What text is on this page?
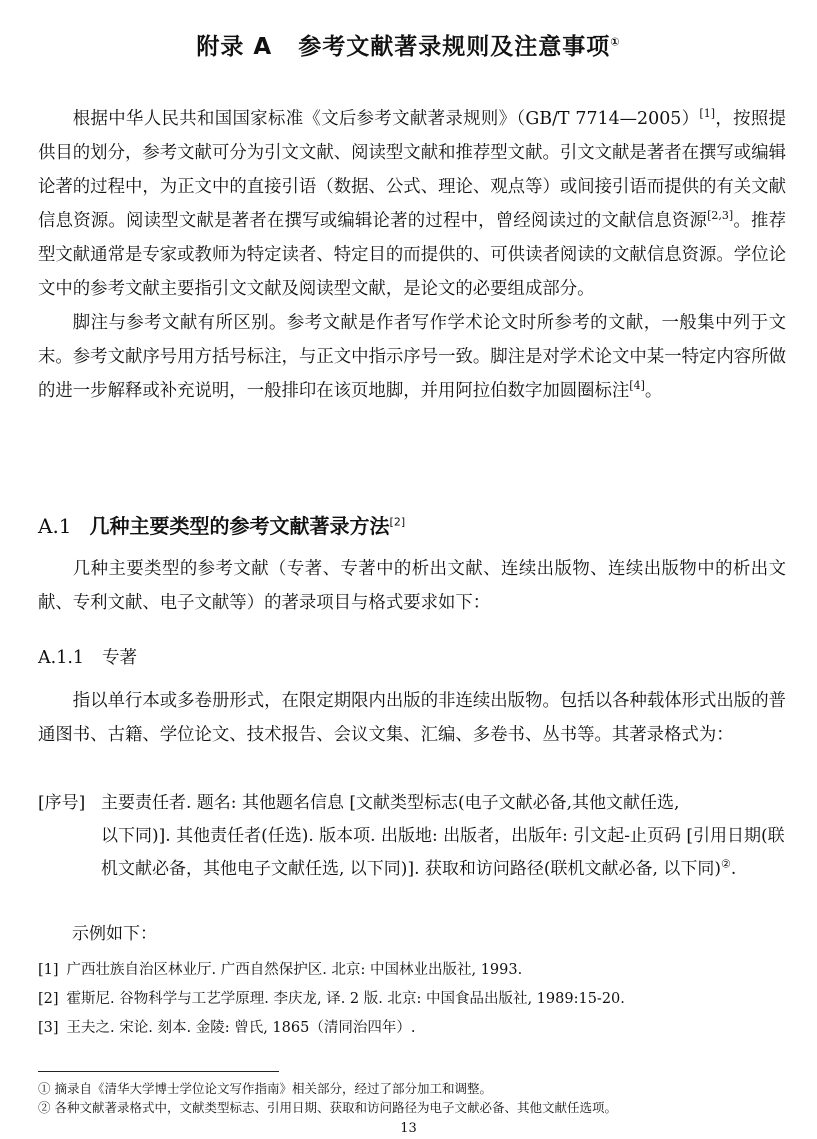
附录 A 参考文献著录规则及注意事项①

根据中华人民共和国国家标准《文后参考文献著录规则》（GB/T 7714—2005）[1]，按照提供目的划分，参考文献可分为引文文献、阅读型文献和推荐型文献。引文文献是著者在撰写或编辑论著的过程中，为正文中的直接引语（数据、公式、理论、观点等）或间接引语而提供的有关文献信息资源。阅读型文献是著者在撰写或编辑论著的过程中，曾经阅读过的文献信息资源[2,3]。推荐型文献通常是专家或教师为特定读者、特定目的而提供的、可供读者阅读的文献信息资源。学位论文中的参考文献主要指引文文献及阅读型文献，是论文的必要组成部分。

脚注与参考文献有所区别。参考文献是作者写作学术论文时所参考的文献，一般集中列于文末。参考文献序号用方括号标注，与正文中指示序号一致。脚注是对学术论文中某一特定内容所做的进一步解释或补充说明，一般排印在该页地脚，并用阿拉伯数字加圆圈标注[4]。

A.1 几种主要类型的参考文献著录方法[2]

几种主要类型的参考文献（专著、专著中的析出文献、连续出版物、连续出版物中的析出文献、专利文献、电子文献等）的著录项目与格式要求如下：

A.1.1 专著

指以单行本或多卷册形式，在限定期限内出版的非连续出版物。包括以各种载体形式出版的普通图书、古籍、学位论文、技术报告、会议文集、汇编、多卷书、丛书等。其著录格式为：

[序号] 主要责任者. 题名: 其他题名信息 [文献类型标志(电子文献必备,其他文献任选,
以下同)]. 其他责任者(任选). 版本项. 出版地: 出版者，出版年: 引文起-止页码 [引用日期(联机文献必备，其他电子文献任选, 以下同)]. 获取和访问路径(联机文献必备, 以下同)②.
示例如下：
[1] 广西壮族自治区林业厅. 广西自然保护区. 北京: 中国林业出版社, 1993.
[2] 霍斯尼. 谷物科学与工艺学原理. 李庆龙, 译. 2 版. 北京: 中国食品出版社, 1989:15-20.
[3] 王夫之. 宋论. 刻本. 金陵: 曾氏, 1865（清同治四年）.
① 摘录自《清华大学博士学位论文写作指南》相关部分，经过了部分加工和调整。
② 各种文献著录格式中，文献类型标志、引用日期、获取和访问路径为电子文献必备、其他文献任选项。
13
